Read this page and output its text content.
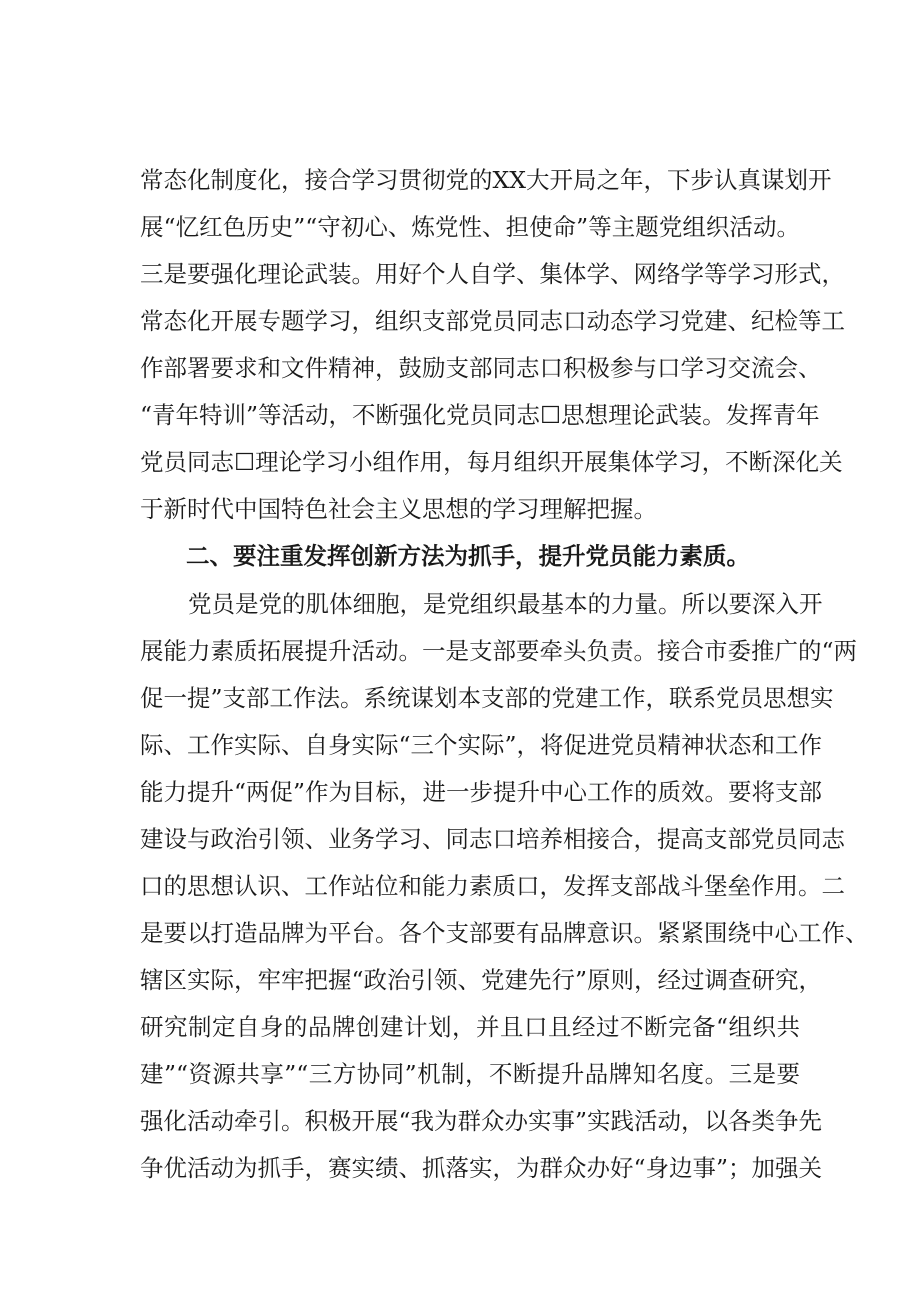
常态化制度化，接合学习贯彻党的XX大开局之年，下步认真谋划开
展“忆红色历史”“守初心、炼党性、担使命”等主题党组织活动。
三是要强化理论武装。用好个人自学、集体学、网络学等学习形式，
常态化开展专题学习，组织支部党员同志口动态学习党建、纪检等工
作部署要求和文件精神，鼓励支部同志口积极参与口学习交流会、
“青年特训”等活动，不断强化党员同志☐思想理论武装。发挥青年
党员同志☐理论学习小组作用，每月组织开展集体学习，不断深化关
于新时代中国特色社会主义思想的学习理解把握。
二、要注重发挥创新方法为抓手，提升党员能力素质。
党员是党的肌体细胞，是党组织最基本的力量。所以要深入开
展能力素质拓展提升活动。一是支部要牵头负责。接合市委推广的“两
促一提”支部工作法。系统谋划本支部的党建工作，联系党员思想实
际、工作实际、自身实际“三个实际”，将促进党员精神状态和工作
能力提升“两促”作为目标，进一步提升中心工作的质效。要将支部
建设与政治引领、业务学习、同志口培养相接合，提高支部党员同志
口的思想认识、工作站位和能力素质口，发挥支部战斗堡垒作用。二
是要以打造品牌为平台。各个支部要有品牌意识。紧紧围绕中心工作、
辖区实际，牢牢把握“政治引领、党建先行”原则，经过调查研究，
研究制定自身的品牌创建计划，并且口且经过不断完备“组织共
建”“资源共享”“三方协同”机制，不断提升品牌知名度。三是要
强化活动牵引。积极开展“我为群众办实事”实践活动，以各类争先
争优活动为抓手，赛实绩、抓落实，为群众办好“身边事”；加强关
